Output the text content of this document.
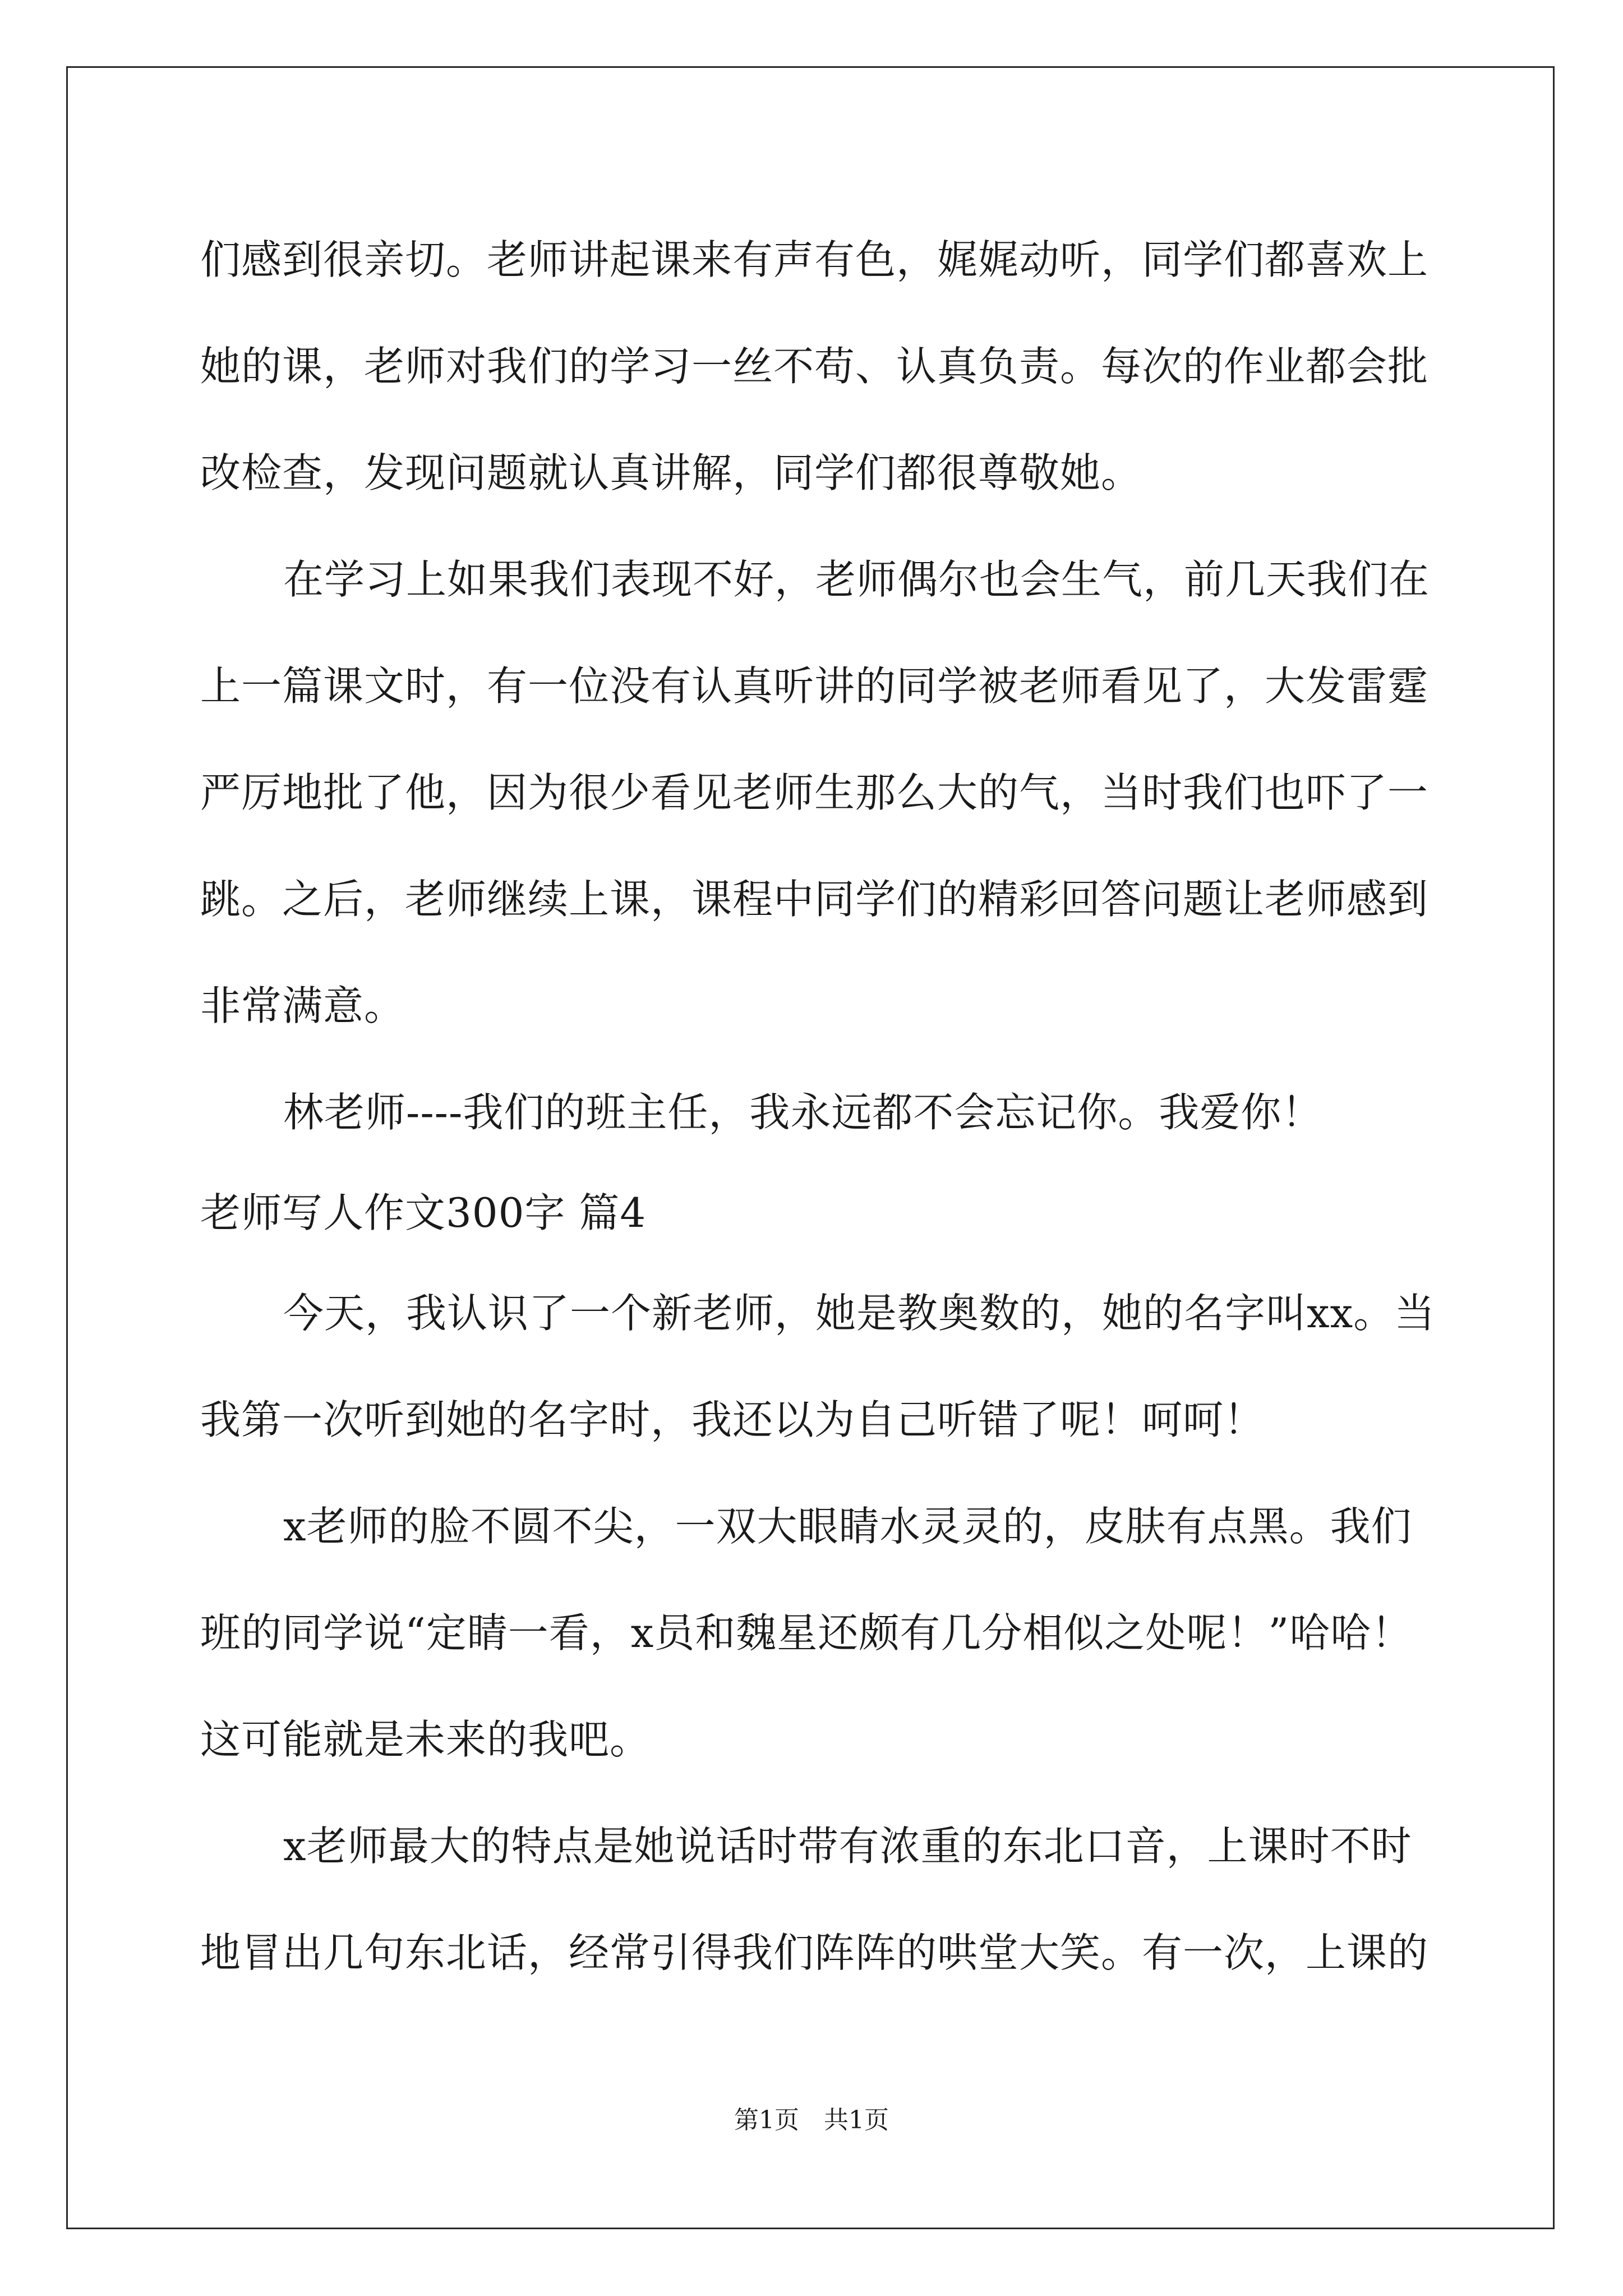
们感到很亲切。老师讲起课来有声有色，娓娓动听，同学们都喜欢上
她的课，老师对我们的学习一丝不苟、认真负责。每次的作业都会批
改检查，发现问题就认真讲解，同学们都很尊敬她。
在学习上如果我们表现不好，老师偶尔也会生气，前几天我们在
上一篇课文时，有一位没有认真听讲的同学被老师看见了，大发雷霆
严厉地批了他，因为很少看见老师生那么大的气，当时我们也吓了一
跳。之后，老师继续上课，课程中同学们的精彩回答问题让老师感到
非常满意。
林老师----我们的班主任，我永远都不会忘记你。我爱你！
老师写人作文300字 篇4
今天，我认识了一个新老师，她是教奥数的，她的名字叫xx。当
我第一次听到她的名字时，我还以为自己听错了呢！呵呵！
x老师的脸不圆不尖，一双大眼睛水灵灵的，皮肤有点黑。我们
班的同学说“定睛一看，x员和魏星还颇有几分相似之处呢！”哈哈！
这可能就是未来的我吧。
x老师最大的特点是她说话时带有浓重的东北口音，上课时不时
地冒出几句东北话，经常引得我们阵阵的哄堂大笑。有一次，上课的
第1页　共1页
